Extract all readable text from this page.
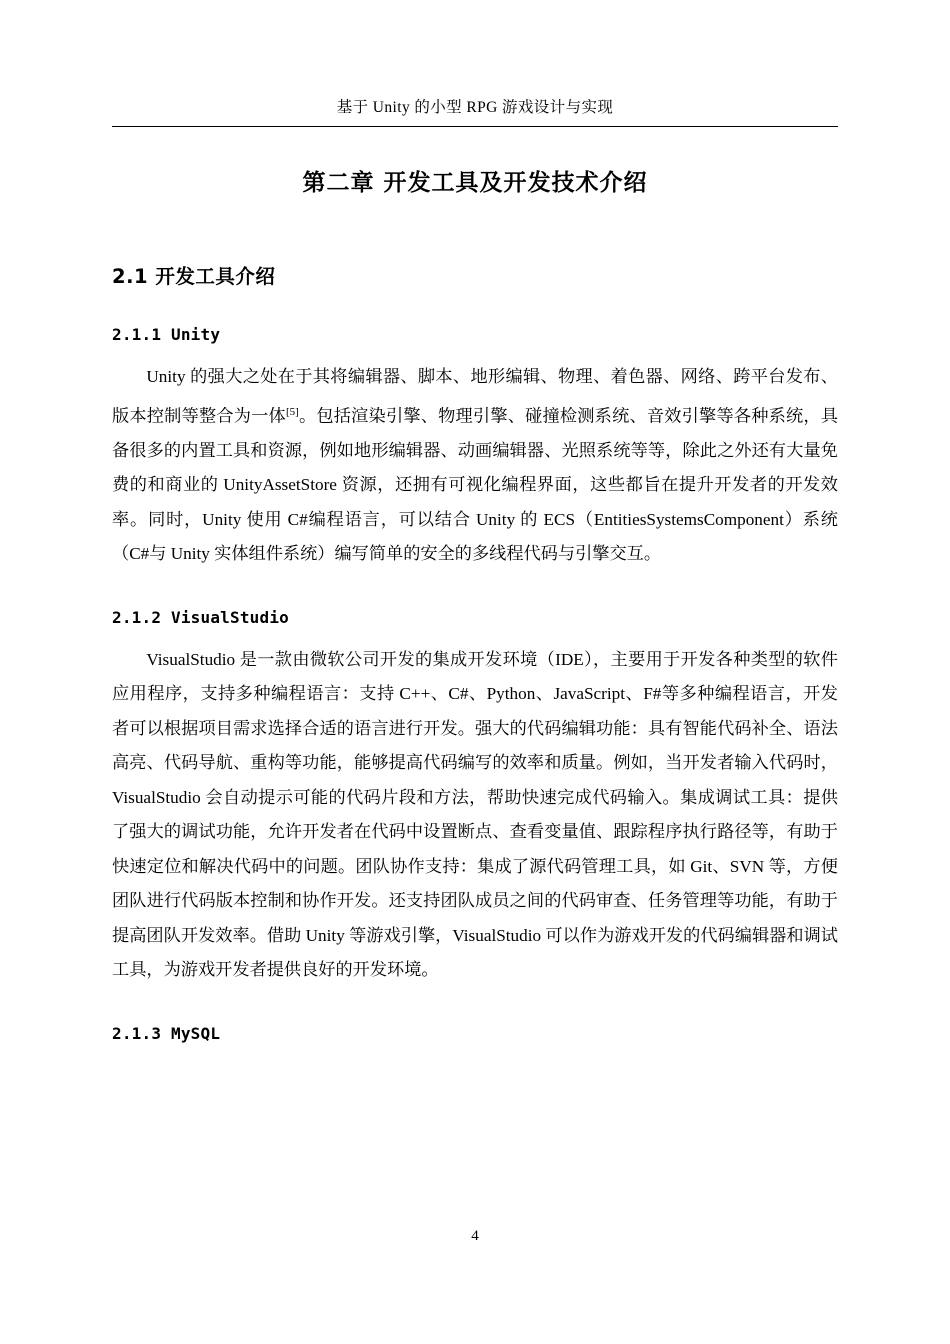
基于 Unity 的小型 RPG 游戏设计与实现
第二章 开发工具及开发技术介绍
2.1 开发工具介绍
2.1.1 Unity

Unity 的强大之处在于其将编辑器、脚本、地形编辑、物理、着色器、网络、跨平台发布、版本控制等整合为一体[5]。包括渲染引擎、物理引擎、碰撞检测系统、音效引擎等各种系统，具备很多的内置工具和资源，例如地形编辑器、动画编辑器、光照系统等等，除此之外还有大量免费的和商业的 UnityAssetStore 资源，还拥有可视化编程界面，这些都旨在提升开发者的开发效率。同时，Unity 使用 C#编程语言，可以结合 Unity 的 ECS（EntitiesSystemsComponent）系统（C#与 Unity 实体组件系统）编写简单的安全的多线程代码与引擎交互。

2.1.2 VisualStudio

VisualStudio 是一款由微软公司开发的集成开发环境（IDE），主要用于开发各种类型的软件应用程序，支持多种编程语言：支持 C++、C#、Python、JavaScript、F#等多种编程语言，开发者可以根据项目需求选择合适的语言进行开发。强大的代码编辑功能：具有智能代码补全、语法高亮、代码导航、重构等功能，能够提高代码编写的效率和质量。例如，当开发者输入代码时，VisualStudio 会自动提示可能的代码片段和方法，帮助快速完成代码输入。集成调试工具：提供了强大的调试功能，允许开发者在代码中设置断点、查看变量值、跟踪程序执行路径等，有助于快速定位和解决代码中的问题。团队协作支持：集成了源代码管理工具，如 Git、SVN 等，方便团队进行代码版本控制和协作开发。还支持团队成员之间的代码审查、任务管理等功能，有助于提高团队开发效率。借助 Unity 等游戏引擎，VisualStudio 可以作为游戏开发的代码编辑器和调试工具，为游戏开发者提供良好的开发环境。

2.1.3 MySQL
4
